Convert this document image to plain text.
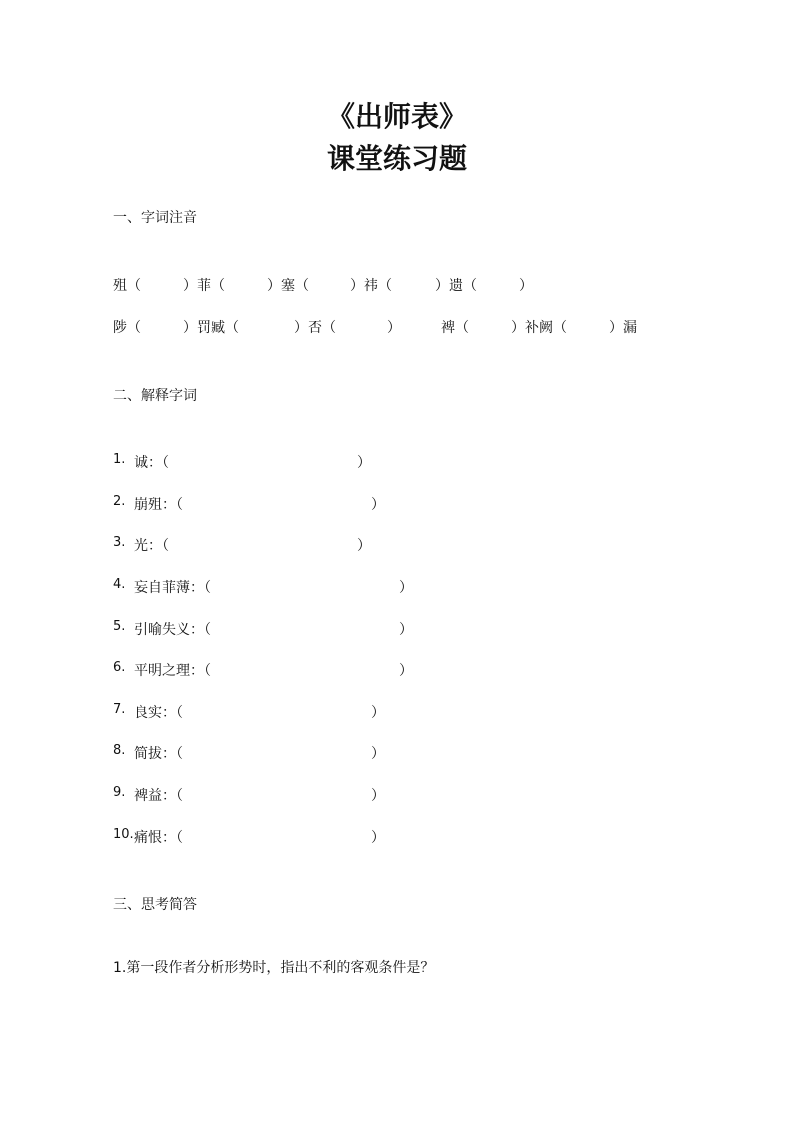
《出师表》
课堂练习题
一、字词注音
殂（	）菲（	）塞（	）祎（	）遗（	）
陟（	）罚臧（	）否（	）	裨（	）补阙（	）漏
二、解释字词
1. 诚：（	）
2. 崩殂：（	）
3. 光：（	）
4. 妄自菲薄：（	）
5. 引喻失义：（	）
6. 平明之理：（	）
7. 良实：（	）
8. 简拔：（	）
9. 裨益：（	）
10. 痛恨：（	）
三、思考简答
1.第一段作者分析形势时，指出不利的客观条件是？
